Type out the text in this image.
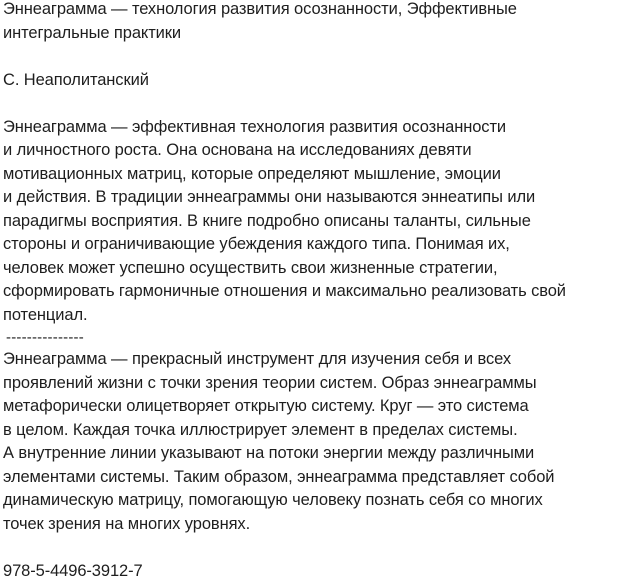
Эннеаграмма — технология развития осознанности, Эффективные
интегральные практики
С. Неаполитанский
Эннеаграмма — эффективная технология развития осознанности
и личностного роста. Она основана на исследованиях девяти
мотивационных матриц, которые определяют мышление, эмоции
и действия. В традиции эннеаграммы они называются эннеатипы или
парадигмы восприятия. В книге подробно описаны таланты, сильные
стороны и ограничивающие убеждения каждого типа. Понимая их,
человек может успешно осуществить свои жизненные стратегии,
сформировать гармоничные отношения и максимально реализовать свой
потенциал.
---------------
Эннеаграмма — прекрасный инструмент для изучения себя и всех
проявлений жизни с точки зрения теории систем. Образ эннеаграммы
метафорически олицетворяет открытую систему. Круг — это система
в целом. Каждая точка иллюстрирует элемент в пределах системы.
А внутренние линии указывают на потоки энергии между различными
элементами системы. Таким образом, эннеаграмма представляет собой
динамическую матрицу, помогающую человеку познать себя со многих
точек зрения на многих уровнях.
978-5-4496-3912-7
